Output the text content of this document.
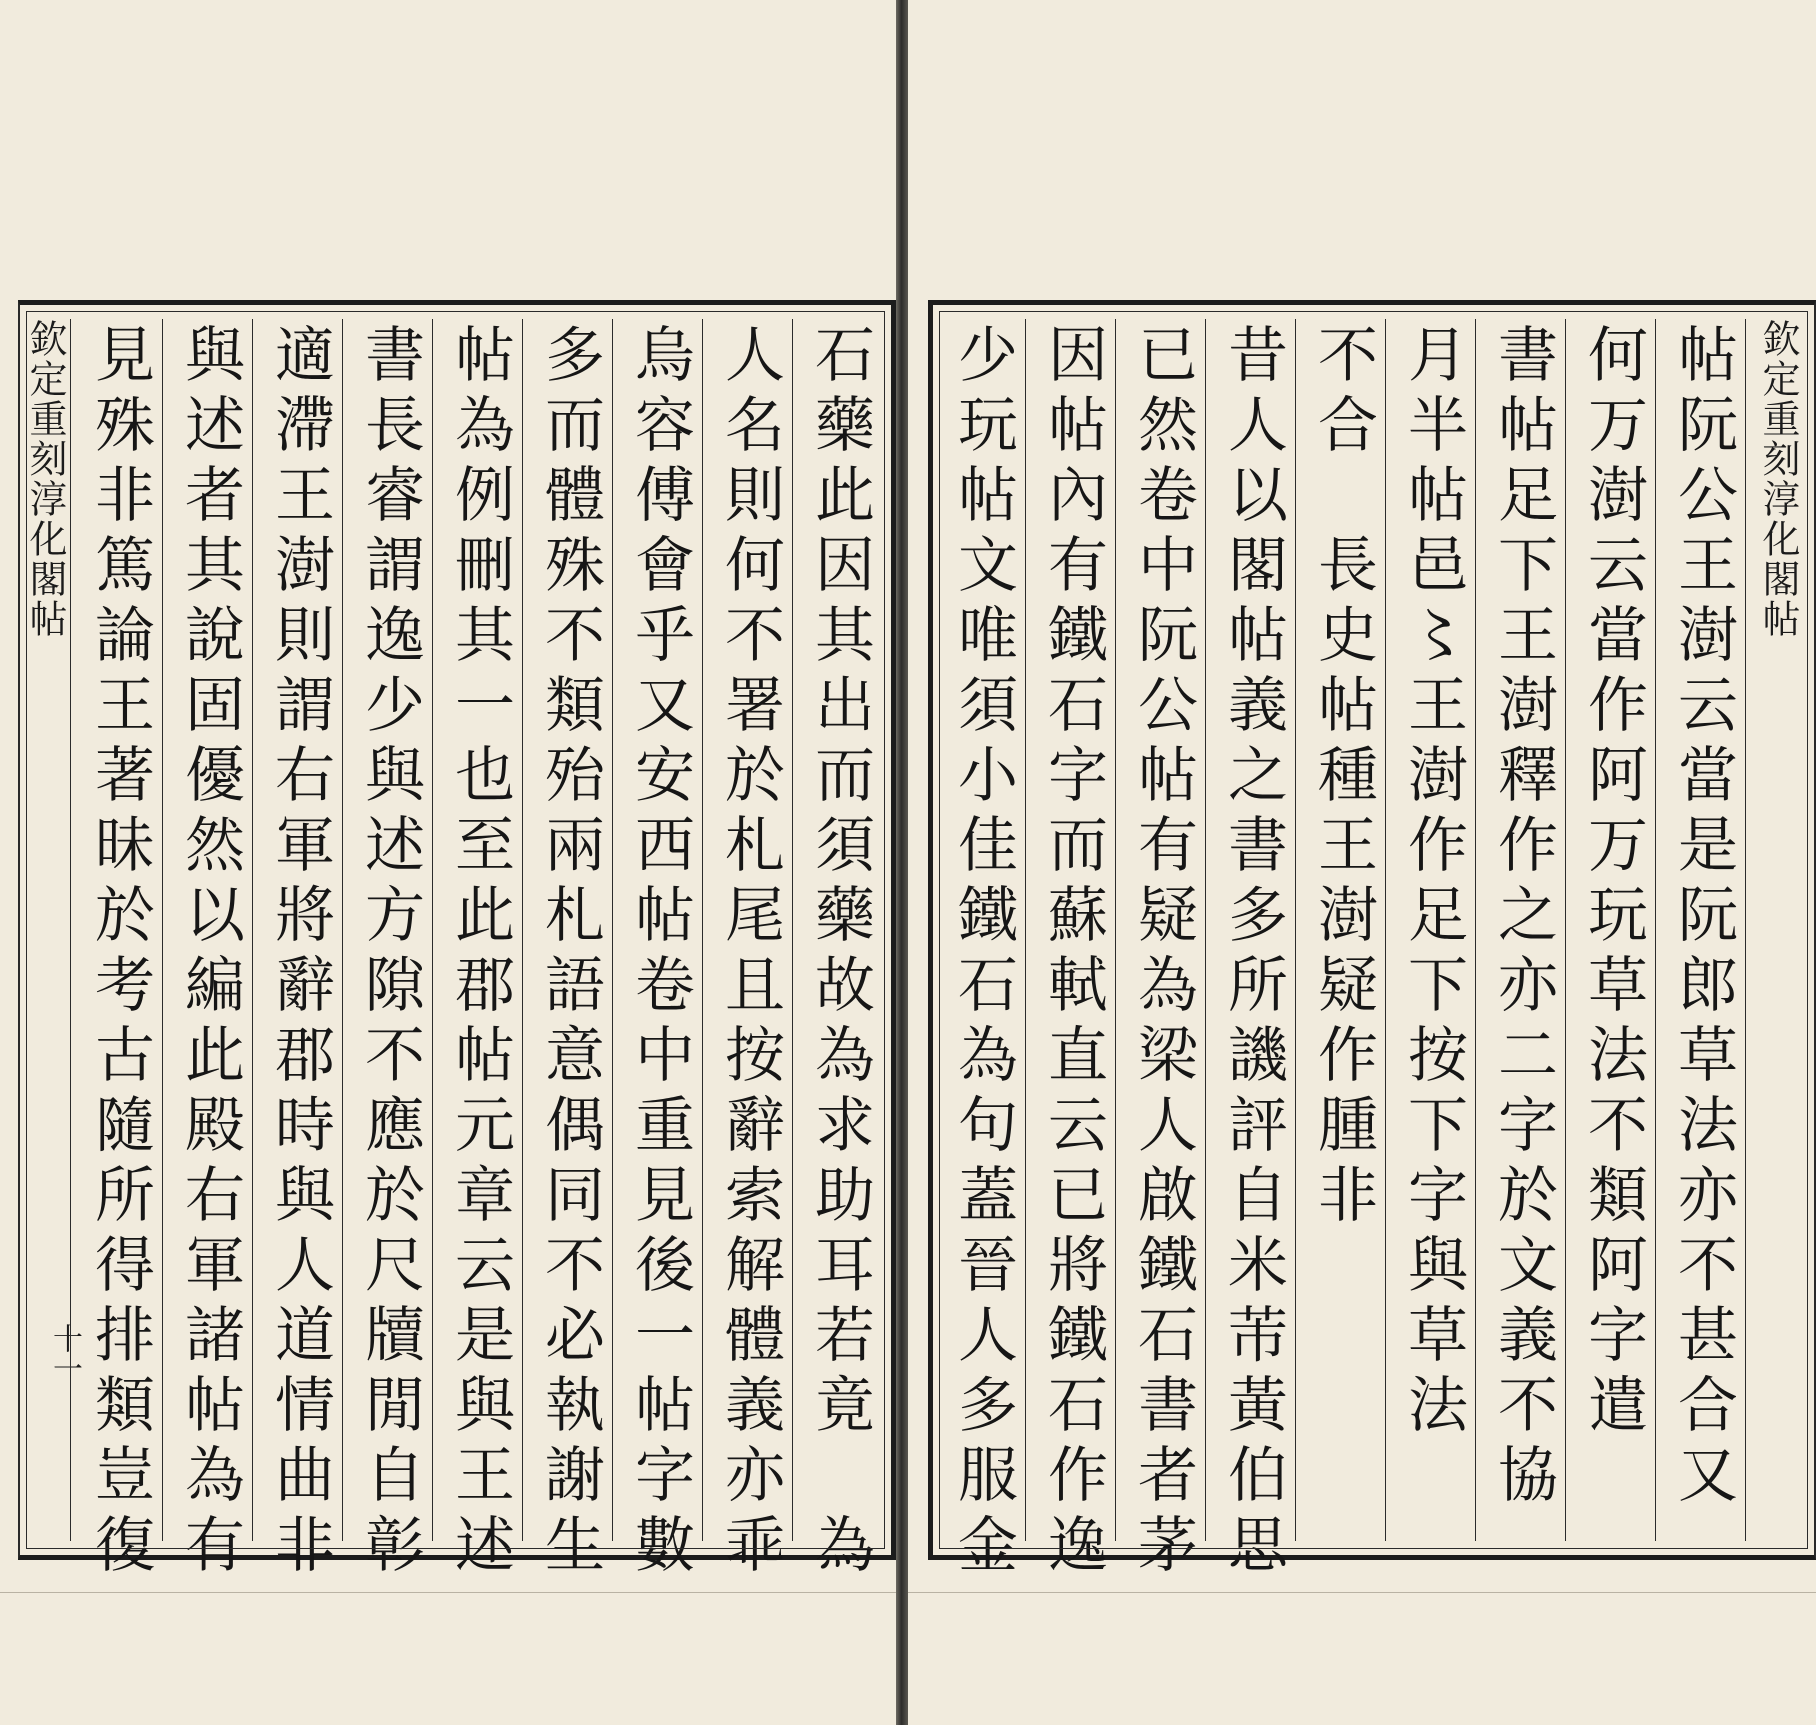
欽定重刻淳化閣帖
十一 見殊非篤論王著昧於考古隨所得排類豈復 與述者其說固優然以編此殿右軍諸帖為有 適滯王澍則謂右軍將辭郡時與人道情曲非 書長睿謂逸少與述方隙不應於尺牘閒自彰 帖為例刪其一也至此郡帖元章云是與王述 多而體殊不類殆兩札語意偶同不必執謝生 烏容傅會乎又安西帖卷中重見後一帖字數 人名則何不署於札尾且按辭索解體義亦乖 石藥此因其出而須藥故為求助耳若竟　為 少玩帖文唯須小佳鐵石為句蓋晉人多服金 因帖內有鐵石字而蘇軾直云已將鐵石作逸 已然卷中阮公帖有疑為梁人啟鐵石書者茅 昔人以閣帖義之書多所譏評自米芾黃伯思 不合　長史帖種王澍疑作腫非 月半帖邑〻王澍作足下按下字與草法 書帖足下王澍釋作之亦二字於文義不協 何万澍云當作阿万玩草法不類阿字遣 帖阮公王澍云當是阮郎草法亦不甚合又 欽定重刻淳化閣帖
